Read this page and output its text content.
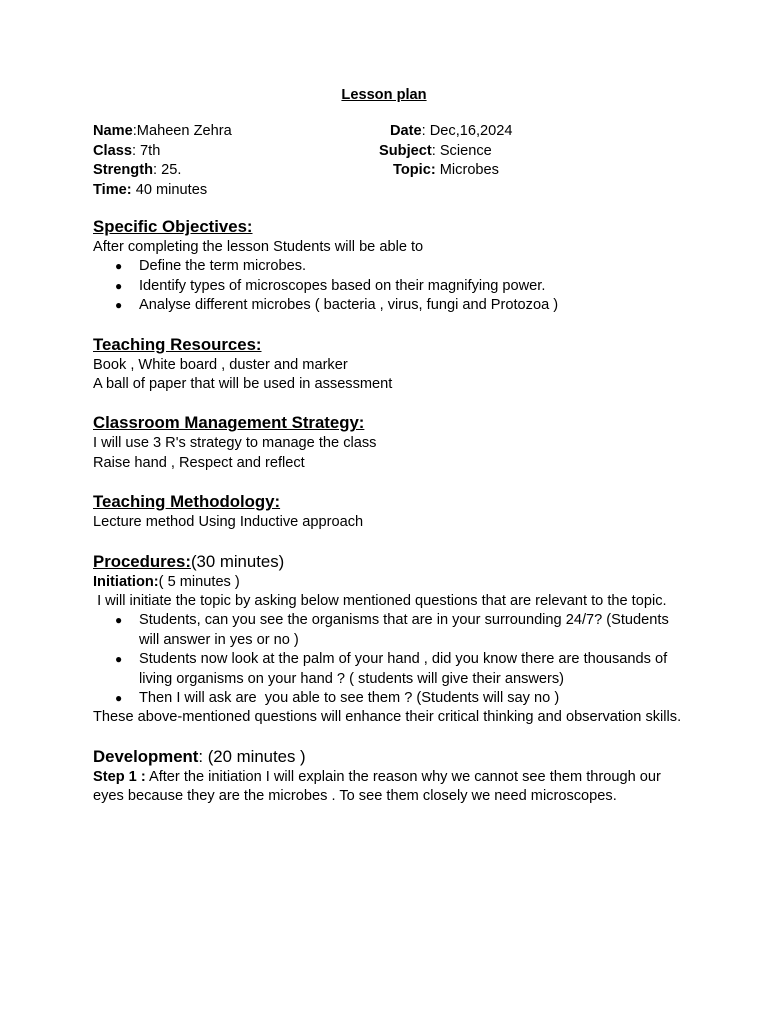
Lesson plan
Name:Maheen Zehra	Date: Dec,16,2024
Class: 7th	Subject: Science
Strength: 25.	Topic: Microbes
Time: 40 minutes
Specific Objectives:

After completing the lesson Students will be able to

● Define the term microbes.
● Identify types of microscopes based on their magnifying power.
● Analyse different microbes ( bacteria , virus, fungi and Protozoa )
Teaching Resources:

Book , White board , duster and marker

A ball of paper that will be used in assessment

Classroom Management Strategy:

I will use 3 R's strategy to manage the class

Raise hand , Respect and reflect

Teaching Methodology:

Lecture method Using Inductive approach

Procedures:(30 minutes)

Initiation:( 5 minutes )

I will initiate the topic by asking below mentioned questions that are relevant to the topic.

● Students, can you see the organisms that are in your surrounding 24/7? (Students will answer in yes or no )
● Students now look at the palm of your hand , did you know there are thousands of living organisms on your hand ? ( students will give their answers)
● Then I will ask are  you able to see them ? (Students will say no )

These above-mentioned questions will enhance their critical thinking and observation skills.

Development: (20 minutes )

Step 1 : After the initiation I will explain the reason why we cannot see them through our eyes because they are the microbes . To see them closely we need microscopes.
